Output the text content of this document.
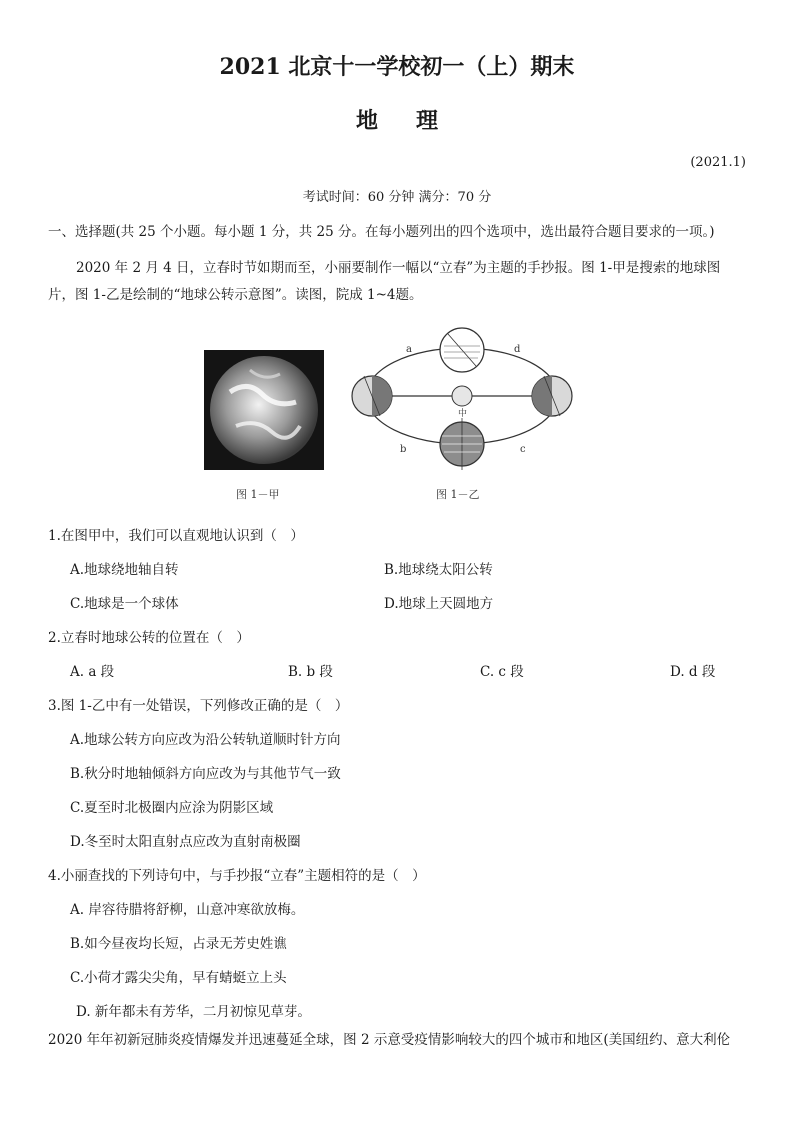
2021 北京十一学校初一（上）期末
地理
(2021.1)
考试时间：60 分钟 满分：70 分
一、选择题(共 25 个小题。每小题 1 分，共 25 分。在每小题列出的四个选项中，选出最符合题目要求的一项。)
2020 年 2 月 4 日，立春时节如期而至，小丽要制作一幅以“立春”为主题的手抄报。图 1-甲是搜索的地球图
片，图 1-乙是绘制的“地球公转示意图”。读图，院成 1~4题。
图 1－甲
中
a
b	c
d
图 1－乙
1.在图甲中，我们可以直观地认识到（　）
A.地球绕地轴自转	B.地球绕太阳公转
C.地球是一个球体	D.地球上天圆地方
2.立春时地球公转的位置在（　）
A. a 段	B. b 段	C. c 段	D. d 段
3.图 1-乙中有一处错误，下列修改正确的是（　）
A.地球公转方向应改为沿公转轨道顺时针方向
B.秋分时地轴倾斜方向应改为与其他节气一致
C.夏至时北极圈内应涂为阴影区域
D.冬至时太阳直射点应改为直射南极圈
4.小丽查找的下列诗句中，与手抄报“立春”主题相符的是（　）
A. 岸容待腊将舒柳，山意冲寒欲放梅。
B.如今昼夜均长短，占录无芳史姓谯
C.小荷才露尖尖角，早有蜻蜓立上头
D. 新年都未有芳华，二月初惊见草芽。
2020 年年初新冠肺炎疫情爆发并迅速蔓延全球，图 2 示意受疫情影响较大的四个城市和地区(美国纽约、意大利伦
